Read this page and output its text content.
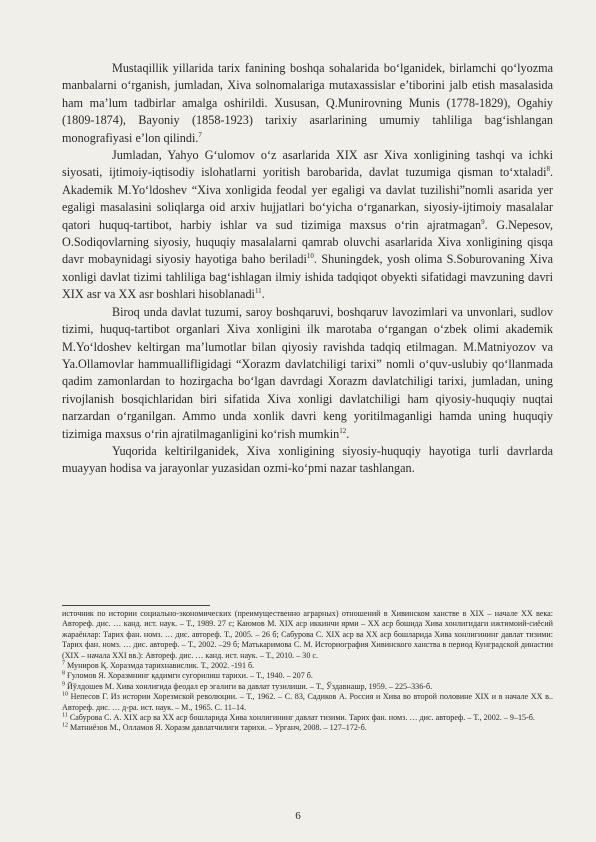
Mustaqillik yillarida tarix fanining boshqa sohalarida bo‘lganidek, birlamchi qo‘lyozma manbalarni o‘rganish, jumladan, Xiva solnomalariga mutaxassislar e’tiborini jalb etish masalasida ham ma’lum tadbirlar amalga oshirildi. Xususan, Q.Munirovning Munis (1778-1829), Ogahiy (1809-1874), Bayoniy (1858-1923) tarixiy asarlarining umumiy tahliliga bag‘ishlangan monografiyasi e’lon qilindi.$^7$

Jumladan, Yahyo G‘ulomov o‘z asarlarida XIX asr Xiva xonligining tashqi va ichki siyosati, ijtimoiy-iqtisodiy islohatlarni yoritish barobarida, davlat tuzumiga qisman to‘xtaladi$^8$. Akademik M.Yo‘ldoshev “Xiva xonligida feodal yer egaligi va davlat tuzilishi”nomli asarida yer egaligi masalasini soliqlarga oid arxiv hujjatlari bo‘yicha o‘rganarkan, siyosiy-ijtimoiy masalalar qatori huquq-tartibot, harbiy ishlar va sud tizimiga maxsus o‘rin ajratmagan$^9$. G.Nepesov, O.Sodiqovlarning siyosiy, huquqiy masalalarni qamrab oluvchi asarlarida Xiva xonligining qisqa davr mobaynidagi siyosiy hayotiga baho beriladi$^{10}$. Shuningdek, yosh olima S.Soburovaning Xiva xonligi davlat tizimi tahliliga bag‘ishlagan ilmiy ishida tadqiqot obyekti sifatidagi mavzuning davri XIX asr va XX asr boshlari hisoblanadi$^{11}$.

Biroq unda davlat tuzumi, saroy boshqaruvi, boshqaruv lavozimlari va unvonlari, sudlov tizimi, huquq-tartibot organlari Xiva xonligini ilk marotaba o‘rgangan o‘zbek olimi akademik M.Yo‘ldoshev keltirgan ma’lumotlar bilan qiyosiy ravishda tadqiq etilmagan. M.Matniyozov va Ya.Ollamovlar hammuallifligidagi “Xorazm davlatchiligi tarixi” nomli o‘quv-uslubiy qo‘llanmada qadim zamonlardan to hozirgacha bo‘lgan davrdagi Xorazm davlatchiligi tarixi, jumladan, uning rivojlanish bosqichlaridan biri sifatida Xiva xonligi davlatchiligi ham qiyosiy-huquqiy nuqtai narzardan o‘rganilgan. Ammo unda xonlik davri keng yoritilmaganligi hamda uning huquqiy tizimiga maxsus o‘rin ajratilmaganligini ko‘rish mumkin$^{12}$.

Yuqorida keltirilganidek, Xiva xonligining siyosiy-huquqiy hayotiga turli davrlarda muayyan hodisa va jarayonlar yuzasidan ozmi-ko‘pmi nazar tashlangan.

источник по истории социально-экономических (преимущественно аграрных) отношений в Хивинском ханстве в XIX – начале XX века: Автореф. дис. … канд. ист. наук. – Т., 1989. 27 с; Каюмов М. XIX аср иккинчи ярми – XX аср бошида Хива хонлигидаги ижтимоий-сиёсий жараёнлар: Тарих фан. номз. … дис. автореф. Т., 2005. – 26 б; Сабурова С. XIX аср ва XX аср бошларида Хива хонлигининг давлат тизими: Тарих фан. номз. … дис. автореф. – Т., 2002. –29 б; Матькаримова С. М. Историография Хивинского ханства в период Кунградской династии (XIX – начала XXI вв.): Автореф. дис. … канд. ист. наук. – Т., 2010. – 30 с.

$^7$ Муниров Қ. Хоразмда тарихнавислик. Т., 2002. -191 б.

$^8$ Ғуломов Я. Хоразмнинг қадимги суғорилиш тарихи. – Т., 1940. – 207 б.

$^9$ Йўлдошев М. Хива хонлигида феодал ер эгалиги ва давлат тузилиши. – Т., Ўздавнашр, 1959. – 225–336-б.

$^{10}$ Непесов Г. Из истории Хорезмской революции. – Т., 1962. – С. 83, Садиков А. Россия и Хива во второй половине XIX и в начале XX в.. Автореф. дис. … д-ра. ист. наук. – М., 1965. С. 11–14.

$^{11}$ Сабурова С. А. XIX аср ва XX аср бошларида Хива хонлигининг давлат тизими. Тарих фан. номз. … дис. автореф. – Т., 2002. – 9–15-б.

$^{12}$ Матниёзов М., Олламов Я. Хоразм давлатчилиги тарихи. – Урганч, 2008. – 127–172-б.

6
